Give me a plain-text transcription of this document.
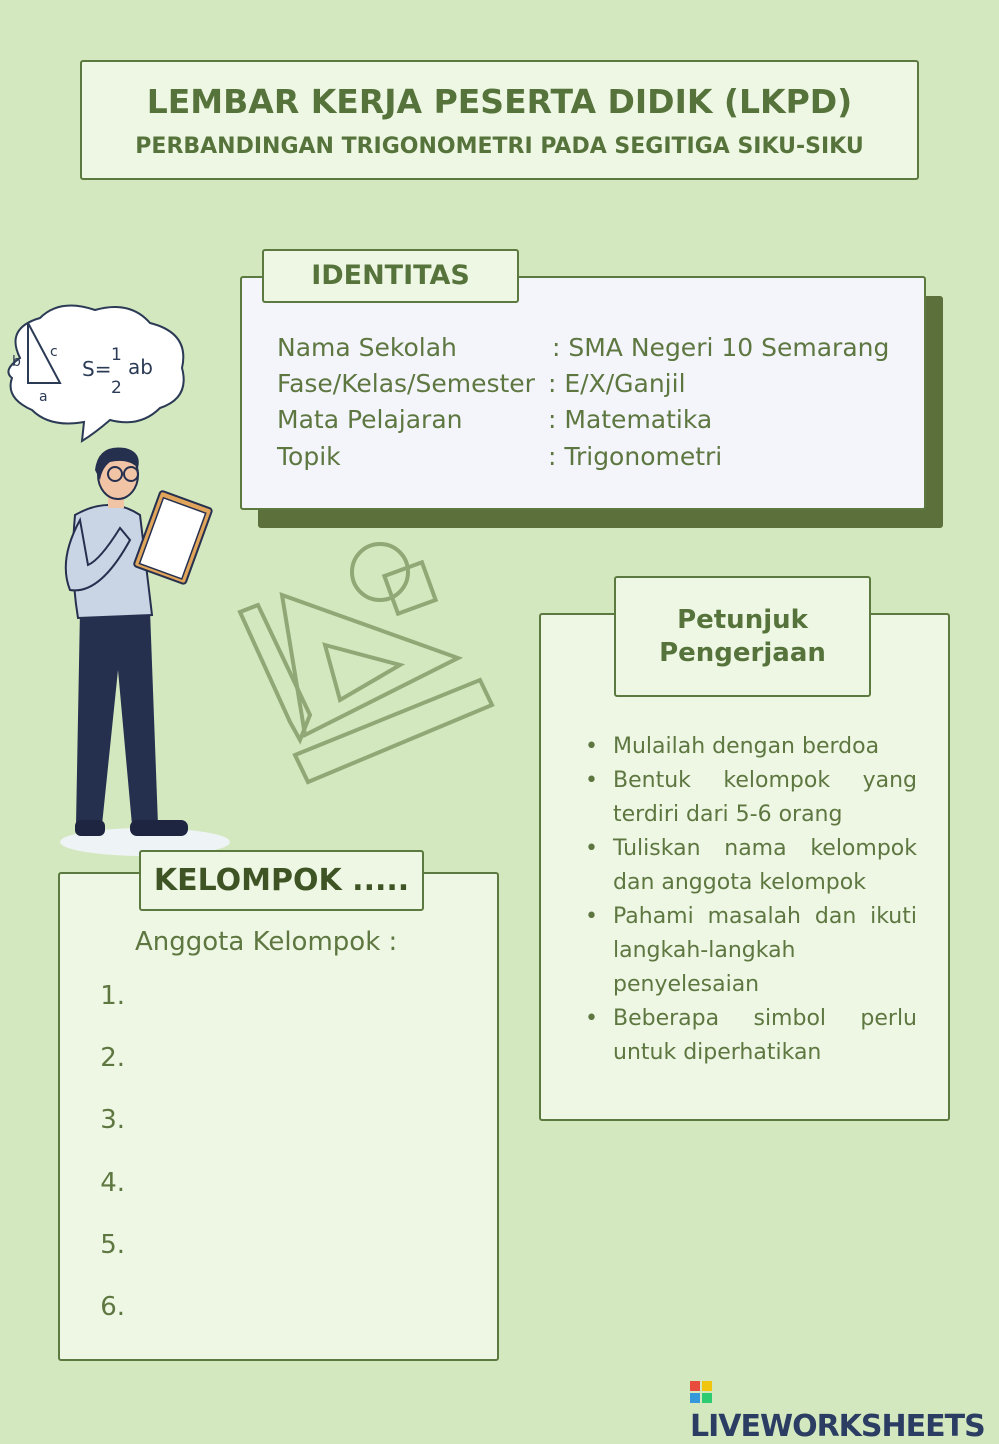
LEMBAR KERJA PESERTA DIDIK (LKPD)
PERBANDINGAN TRIGONOMETRI PADA SEGITIGA SIKU-SIKU
b
c
a
S=
1
2
ab
IDENTITAS
Nama Sekolah	: SMA Negeri 10 Semarang
Fase/Kelas/Semester : E/X/Ganjil
Mata Pelajaran	: Matematika
Topik	: Trigonometri
Petunjuk
Pengerjaan
• Mulailah dengan berdoa
• Bentuk kelompok yang terdiri dari 5-6 orang
• Tuliskan nama kelompok dan anggota kelompok
• Pahami masalah dan ikuti langkah-langkah penyelesaian
• Beberapa simbol perlu untuk diperhatikan
KELOMPOK .....
Anggota Kelompok :
1.
2.
3.
4.
5.
6.
LIVEWORKSHEETS
